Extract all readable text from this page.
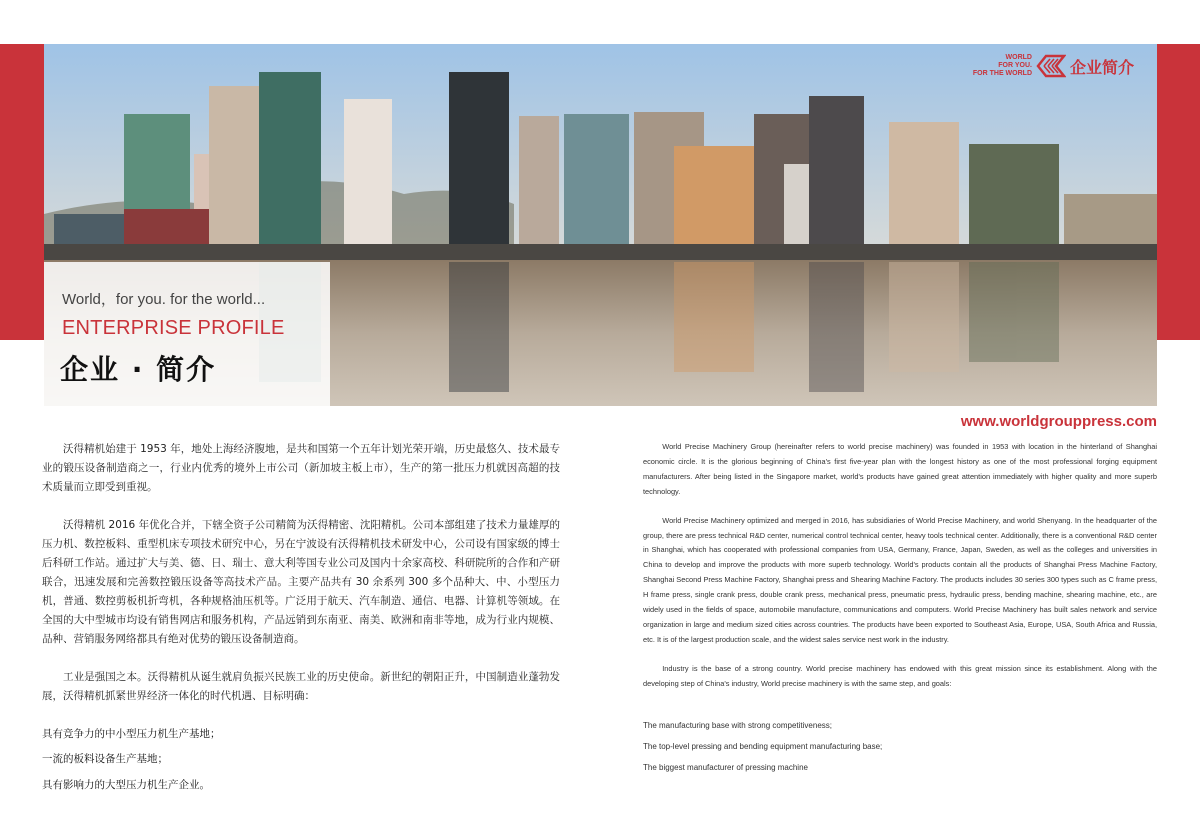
WORLD
FOR YOU.
FOR THE WORLD 企业简介
World，for you. for the world...
ENTERPRISE PROFILE
企业 · 简介
www.worldgrouppress.com

沃得精机始建于 1953 年，地处上海经济腹地，是共和国第一个五年计划光荣开端，历史最悠久、技术最专业的锻压设备制造商之一，行业内优秀的境外上市公司（新加坡主板上市），生产的第一批压力机就因高超的技术质量而立即受到重视。

沃得精机 2016 年优化合并，下辖全资子公司精简为沃得精密、沈阳精机。公司本部组建了技术力量雄厚的压力机、数控板料、重型机床专项技术研究中心，另在宁波设有沃得精机技术研发中心，公司设有国家级的博士后科研工作站。通过扩大与美、德、日、瑞士、意大利等国专业公司及国内十余家高校、科研院所的合作和产研联合，迅速发展和完善数控锻压设备等高技术产品。主要产品共有 30 余系列 300 多个品种大、中、小型压力机，普通、数控剪板机折弯机，各种规格油压机等。广泛用于航天、汽车制造、通信、电器、计算机等领域。在全国的大中型城市均设有销售网店和服务机构，产品远销到东南亚、南美、欧洲和南非等地，成为行业内规模、品种、营销服务网络都具有绝对优势的锻压设备制造商。

工业是强国之本。沃得精机从诞生就肩负振兴民族工业的历史使命。新世纪的朝阳正升，中国制造业蓬勃发展，沃得精机抓紧世界经济一体化的时代机遇、目标明确：

具有竞争力的中小型压力机生产基地；

一流的板料设备生产基地；

具有影响力的大型压力机生产企业。

World Precise Machinery Group (hereinafter refers to world precise machinery) was founded in 1953 with location in the hinterland of Shanghai economic circle. It is the glorious beginning of China's first five-year plan with the longest history as one of the most professional forging equipment manufacturers. After being listed in the Singapore market, world's products have gained great attention immediately with higher quality and more superb technology.

World Precise Machinery optimized and merged in 2016, has subsidiaries of World Precise Machinery, and world Shenyang. In the headquarter of the group, there are press technical R&D center, numerical control technical center, heavy tools technical center. Additionally, there is a conventional R&D center in Shanghai, which has cooperated with professional companies from USA, Germany, France, Japan, Sweden, as well as the colleges and universities in China to develop and improve the products with more superb technology. World's products contain all the products of Shanghai Press Machine Factory, Shanghai Second Press Machine Factory, Shanghai press and Shearing Machine Factory. The products includes 30 series 300 types such as C frame press, H frame press, single crank press, double crank press, mechanical press, pneumatic press, hydraulic press, bending machine, shearing machine, etc., are widely used in the fields of space, automobile manufacture, communications and computers. World Precise Machinery has built sales network and service organization in large and medium sized cities across countries. The products have been exported to Southeast Asia, Europe, USA, South Africa and Russia, etc. It is of the largest production scale, and the widest sales service nest work in the industry.

Industry is the base of a strong country. World precise machinery has endowed with this great mission since its establishment. Along with the developing step of China's industry, World precise machinery is with the same step, and goals:

The manufacturing base with strong competitiveness;
The top-level pressing and bending equipment manufacturing base;
The biggest manufacturer of pressing machine
